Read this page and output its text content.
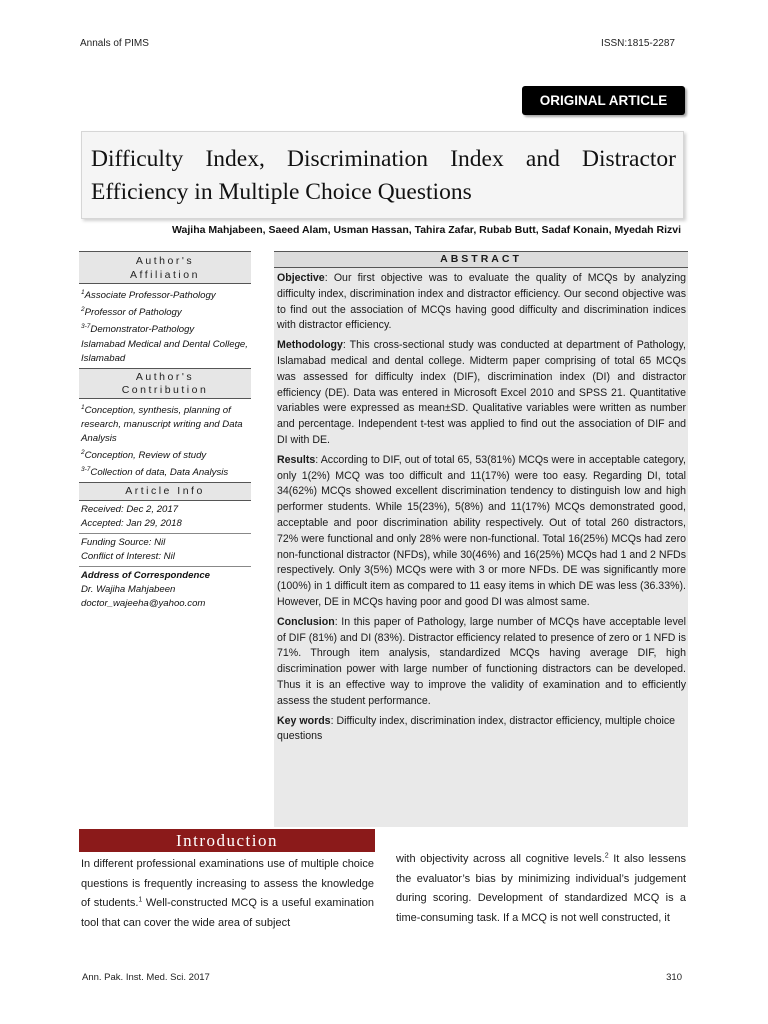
Annals of PIMS	ISSN:1815-2287
ORIGINAL ARTICLE
Difficulty Index, Discrimination Index and Distractor Efficiency in Multiple Choice Questions
Wajiha Mahjabeen, Saeed Alam, Usman Hassan, Tahira Zafar, Rubab Butt, Sadaf Konain, Myedah Rizvi
Author's Affiliation
$^1$Associate Professor-Pathology
$^2$Professor of Pathology
$^{3-7}$Demonstrator-Pathology
Islamabad Medical and Dental College, Islamabad
Author's Contribution
$^1$Conception, synthesis, planning of research, manuscript writing and Data Analysis
$^2$Conception, Review of study
$^{3-7}$Collection of data, Data Analysis
Article Info
Received: Dec 2, 2017
Accepted: Jan 29, 2018
Funding Source: Nil
Conflict of Interest: Nil
Address of Correspondence
Dr. Wajiha Mahjabeen
doctor_wajeeha@yahoo.com
ABSTRACT

Objective: Our first objective was to evaluate the quality of MCQs by analyzing difficulty index, discrimination index and distractor efficiency. Our second objective was to find out the association of MCQs having good difficulty and discrimination indices with distractor efficiency.

Methodology: This cross-sectional study was conducted at department of Pathology, Islamabad medical and dental college. Midterm paper comprising of total 65 MCQs was assessed for difficulty index (DIF), discrimination index (DI) and distractor efficiency (DE). Data was entered in Microsoft Excel 2010 and SPSS 21. Quantitative variables were expressed as mean±SD. Qualitative variables were written as number and percentage. Independent t-test was applied to find out the association of DIF and DI with DE.

Results: According to DIF, out of total 65, 53(81%) MCQs were in acceptable category, only 1(2%) MCQ was too difficult and 11(17%) were too easy. Regarding DI, total 34(62%) MCQs showed excellent discrimination tendency to distinguish low and high performer students. While 15(23%), 5(8%) and 11(17%) MCQs demonstrated good, acceptable and poor discrimination ability respectively. Out of total 260 distractors, 72% were functional and only 28% were non-functional. Total 16(25%) MCQs had zero non-functional distractor (NFDs), while 30(46%) and 16(25%) MCQs had 1 and 2 NFDs respectively. Only 3(5%) MCQs were with 3 or more NFDs. DE was significantly more (100%) in 1 difficult item as compared to 11 easy items in which DE was less (36.33%). However, DE in MCQs having poor and good DI was almost same.

Conclusion: In this paper of Pathology, large number of MCQs have acceptable level of DIF (81%) and DI (83%). Distractor efficiency related to presence of zero or 1 NFD is 71%. Through item analysis, standardized MCQs having average DIF, high discrimination power with large number of functioning distractors can be developed. Thus it is an effective way to improve the validity of examination and to efficiently assess the student performance.

Key words: Difficulty index, discrimination index, distractor efficiency, multiple choice questions

Introduction
In different professional examinations use of multiple choice questions is frequently increasing to assess the knowledge of students.$^1$ Well-constructed MCQ is a useful examination tool that can cover the wide area of subject
with objectivity across all cognitive levels.$^2$ It also lessens the evaluator’s bias by minimizing individual’s judgement during scoring. Development of standardized MCQ is a time-consuming task. If a MCQ is not well constructed, it
Ann. Pak. Inst. Med. Sci. 2017	310
